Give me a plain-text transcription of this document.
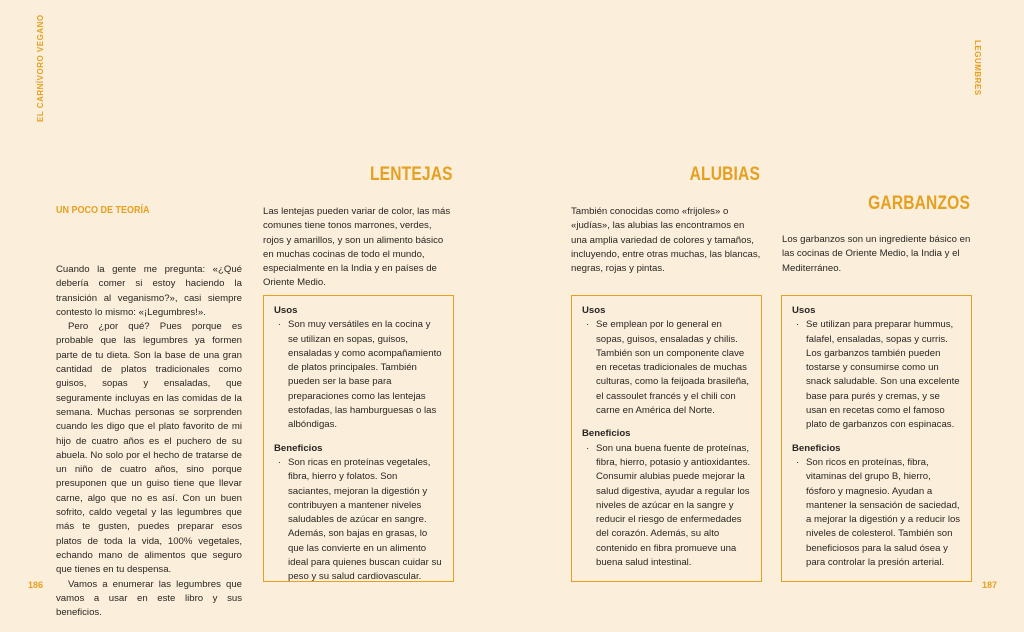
EL CARNÍVORO VEGANO	LEGUMBRES
186	187
UN POCO DE TEORÍA

Cuando la gente me pregunta: «¿Qué debería comer si estoy haciendo la transición al veganismo?», casi siempre contesto lo mismo: «¡Legumbres!».

Pero ¿por qué? Pues porque es probable que las legumbres ya formen parte de tu dieta. Son la base de una gran cantidad de platos tradicionales como guisos, sopas y ensaladas, que seguramente incluyas en las comidas de la semana. Muchas personas se sorprenden cuando les digo que el plato favorito de mi hijo de cuatro años es el puchero de su abuela. No solo por el hecho de tratarse de un niño de cuatro años, sino porque presuponen que un guiso tiene que llevar carne, algo que no es así. Con un buen sofrito, caldo vegetal y las legumbres que más te gusten, puedes preparar esos platos de toda la vida, 100% vegetales, echando mano de alimentos que seguro que tienes en tu despensa.

Vamos a enumerar las legumbres que vamos a usar en este libro y sus beneficios.

LENTEJAS
Las lentejas pueden variar de color, las más comunes tiene tonos marrones, verdes, rojos y amarillos, y son un alimento básico en muchas cocinas de todo el mundo, especialmente en la India y en países de Oriente Medio.
Usos
· Son muy versátiles en la cocina y se utilizan en sopas, guisos, ensaladas y como acompañamiento de platos principales. También pueden ser la base para preparaciones como las lentejas estofadas, las hamburguesas o las albóndigas.
Beneficios
· Son ricas en proteínas vegetales, fibra, hierro y folatos. Son saciantes, mejoran la digestión y contribuyen a mantener niveles saludables de azúcar en sangre. Además, son bajas en grasas, lo que las convierte en un alimento ideal para quienes buscan cuidar su peso y su salud cardiovascular.
ALUBIAS
También conocidas como «frijoles» o «judías», las alubias las encontramos en una amplia variedad de colores y tamaños, incluyendo, entre otras muchas, las blancas, negras, rojas y pintas.
Usos
· Se emplean por lo general en sopas, guisos, ensaladas y chilis. También son un componente clave en recetas tradicionales de muchas culturas, como la feijoada brasileña, el cassoulet francés y el chili con carne en América del Norte.
Beneficios
· Son una buena fuente de proteínas, fibra, hierro, potasio y antioxidantes. Consumir alubias puede mejorar la salud digestiva, ayudar a regular los niveles de azúcar en la sangre y reducir el riesgo de enfermedades del corazón. Además, su alto contenido en fibra promueve una buena salud intestinal.
GARBANZOS
Los garbanzos son un ingrediente básico en las cocinas de Oriente Medio, la India y el Mediterráneo.
Usos
· Se utilizan para preparar hummus, falafel, ensaladas, sopas y curris. Los garbanzos también pueden tostarse y consumirse como un snack saludable. Son una excelente base para purés y cremas, y se usan en recetas como el famoso plato de garbanzos con espinacas.
Beneficios
· Son ricos en proteínas, fibra, vitaminas del grupo B, hierro, fósforo y magnesio. Ayudan a mantener la sensación de saciedad, a mejorar la digestión y a reducir los niveles de colesterol. También son beneficiosos para la salud ósea y para controlar la presión arterial.
